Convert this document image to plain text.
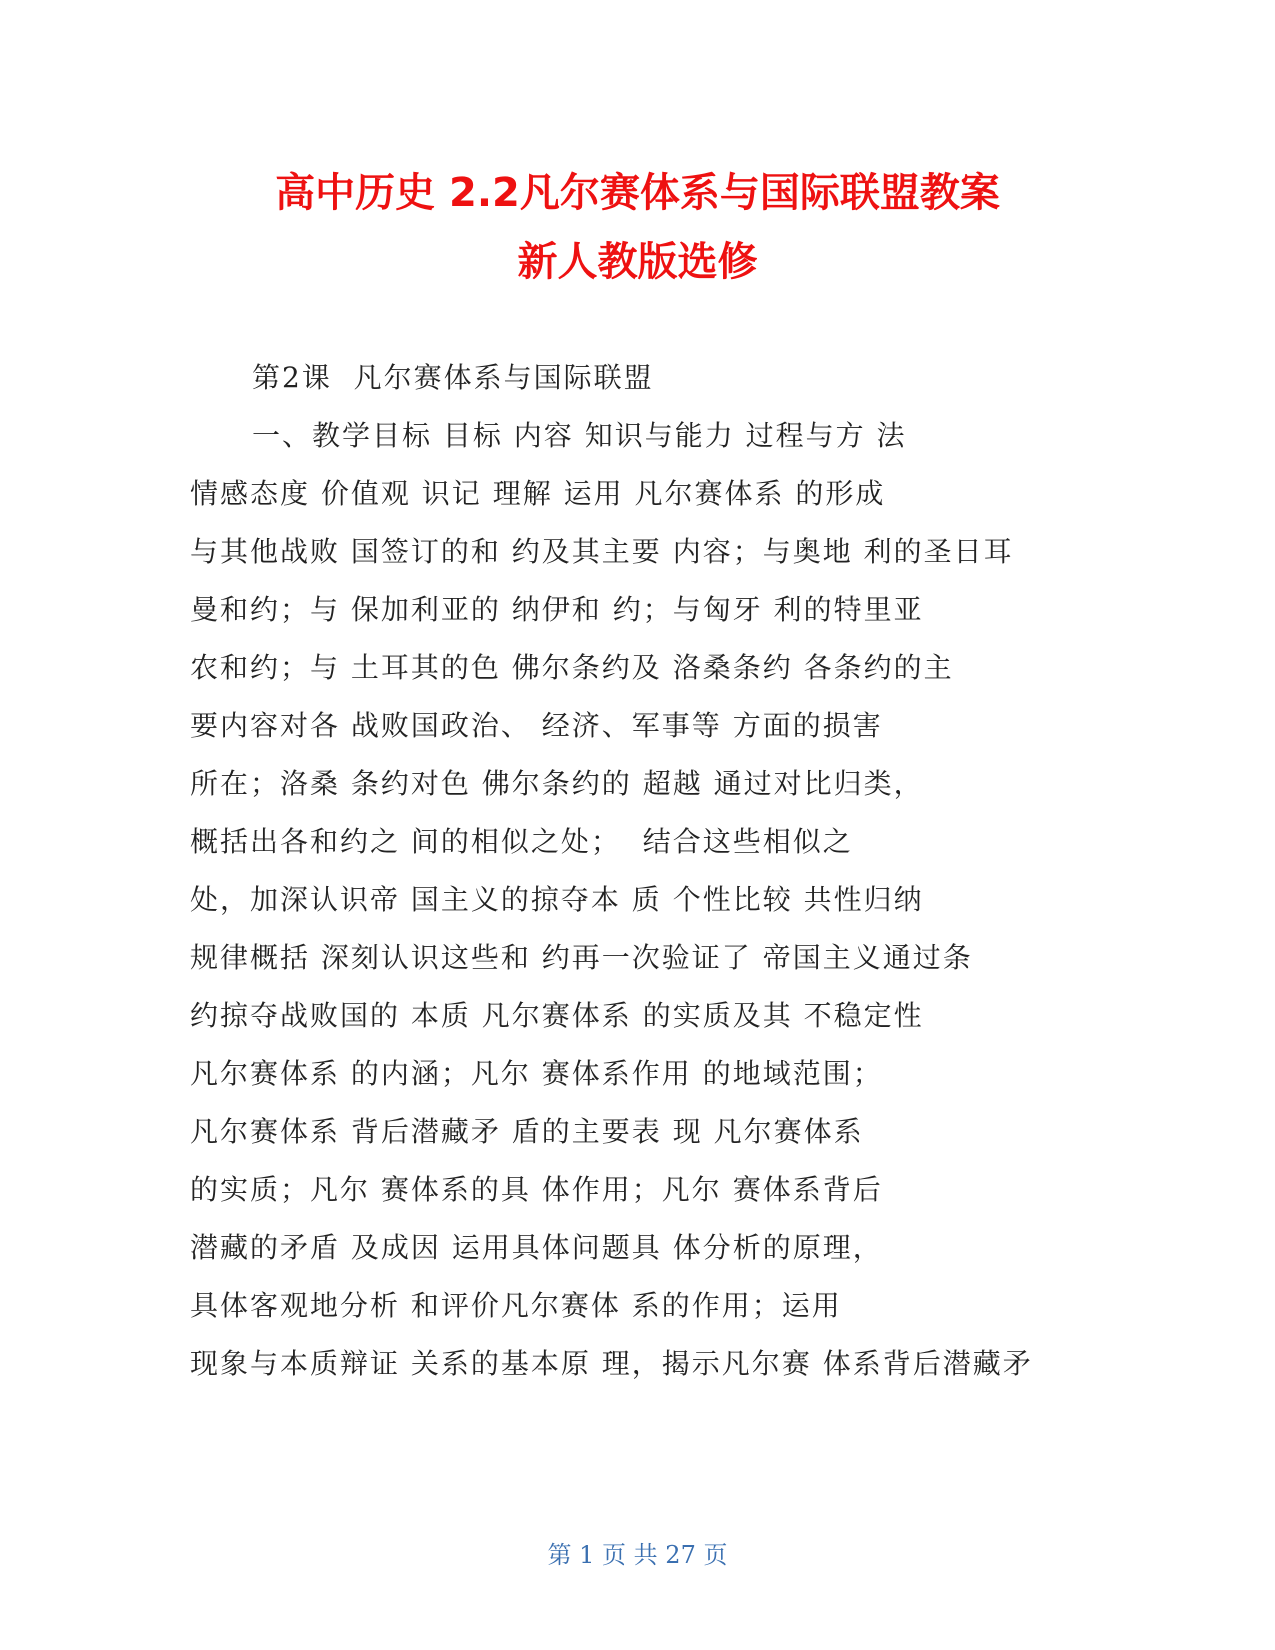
高中历史 2.2凡尔赛体系与国际联盟教案
新人教版选修
第2课  凡尔赛体系与国际联盟
一、教学目标 目标 内容 知识与能力 过程与方 法
情感态度 价值观 识记 理解 运用 凡尔赛体系 的形成
与其他战败 国签订的和 约及其主要 内容；与奥地 利的圣日耳
曼和约；与 保加利亚的 纳伊和 约；与匈牙 利的特里亚
农和约；与 土耳其的色 佛尔条约及 洛桑条约 各条约的主
要内容对各 战败国政治、 经济、军事等 方面的损害
所在；洛桑 条约对色 佛尔条约的 超越 通过对比归类，
概括出各和约之 间的相似之处；  结合这些相似之
处，加深认识帝 国主义的掠夺本 质 个性比较 共性归纳
规律概括 深刻认识这些和 约再一次验证了 帝国主义通过条
约掠夺战败国的 本质 凡尔赛体系 的实质及其 不稳定性
凡尔赛体系 的内涵；凡尔 赛体系作用 的地域范围；
凡尔赛体系 背后潜藏矛 盾的主要表 现 凡尔赛体系
的实质；凡尔 赛体系的具 体作用；凡尔 赛体系背后
潜藏的矛盾 及成因 运用具体问题具 体分析的原理，
具体客观地分析 和评价凡尔赛体 系的作用；运用
现象与本质辩证 关系的基本原 理，揭示凡尔赛 体系背后潜藏矛
第 1 页 共 27 页
